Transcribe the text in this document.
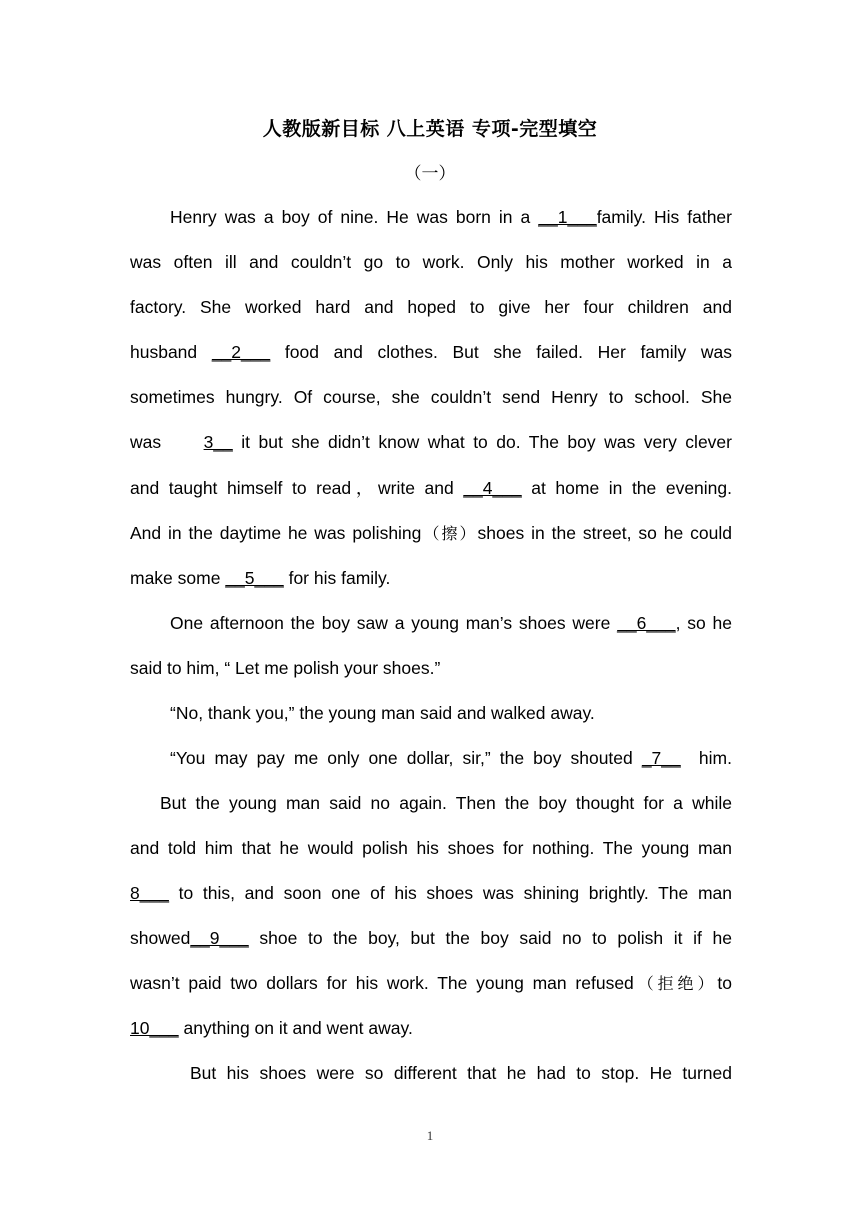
人教版新目标 八上英语 专项-完型填空
（一）
Henry was a boy of nine. He was born in a __1___family. His father
was often ill and couldn’t go to work. Only his mother worked in a
factory. She worked hard and hoped to give her four children and
husband __2___ food and clothes. But she failed. Her family was
sometimes hungry. Of course, she couldn’t send Henry to school. She
was     3__ it but she didn’t know what to do. The boy was very clever
and taught himself to read，write and __4___ at home in the evening.
And in the daytime he was polishing（擦）shoes in the street, so he could
make some __5___ for his family.
One afternoon the boy saw a young man’s shoes were __6___, so he
said to him, “ Let me polish your shoes.”
“No, thank you,” the young man said and walked away.
“You may pay me only one dollar, sir,” the boy shouted _7__  him.
But the young man said no again. Then the boy thought for a while
and told him that he would polish his shoes for nothing. The young man
8___ to this, and soon one of his shoes was shining brightly. The man
showed__9___ shoe to the boy, but the boy said no to polish it if he
wasn’t paid two dollars for his work. The young man refused（拒绝）to
10___ anything on it and went away.
But his shoes were so different that he had to stop. He turned
1
